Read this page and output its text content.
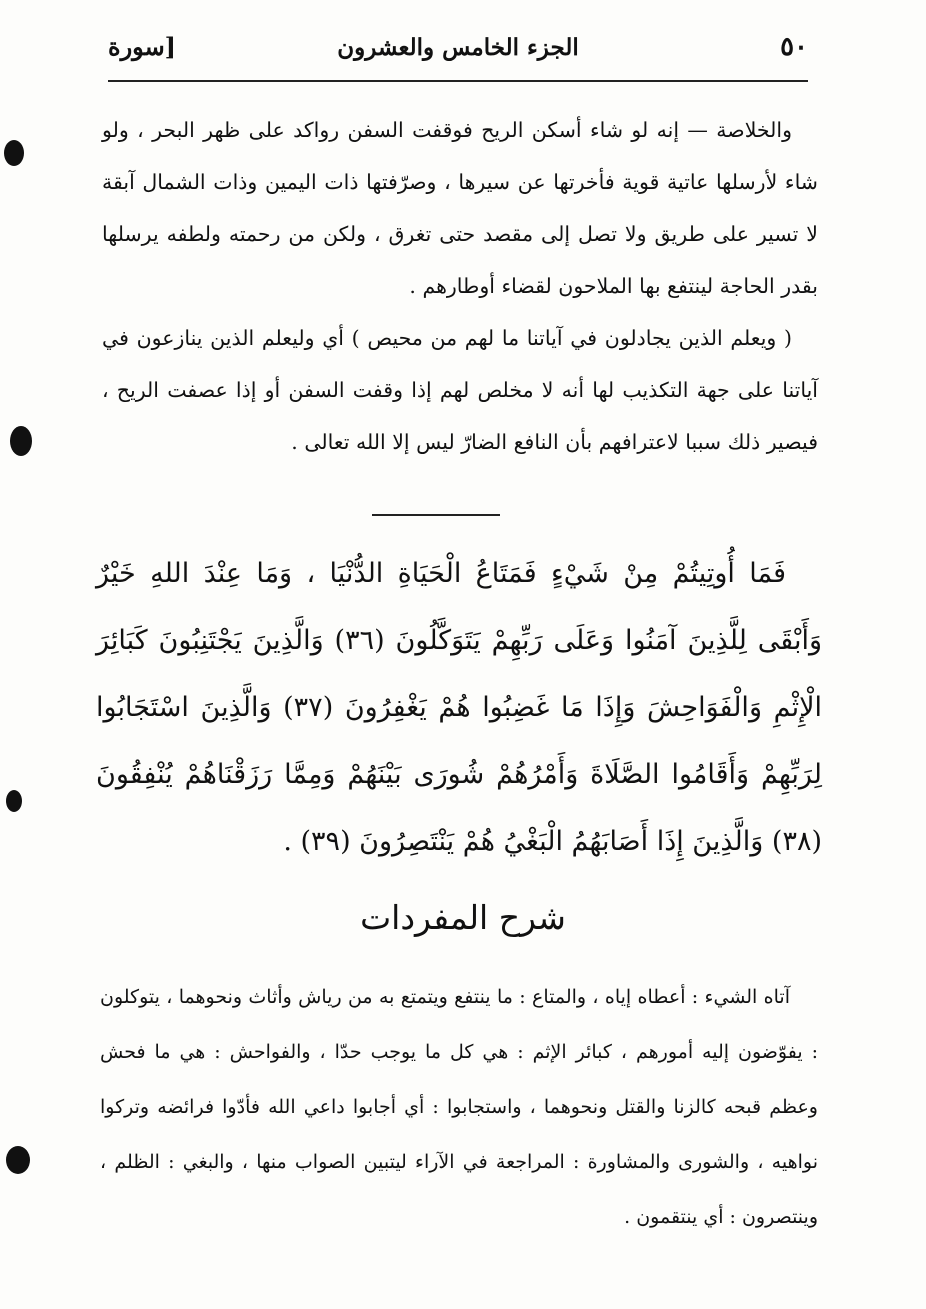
٥٠
الجزء الخامس والعشرون
[سورة

والخلاصة — إنه لو شاء أسكن الريح فوقفت السفن رواكد على ظهر البحر ، ولو شاء لأرسلها عاتية قوية فأخرتها عن سيرها ، وصرّفتها ذات اليمين وذات الشمال آبقة لا تسير على طريق ولا تصل إلى مقصد حتى تغرق ، ولكن من رحمته ولطفه يرسلها بقدر الحاجة لينتفع بها الملاحون لقضاء أوطارهم .

( ويعلم الذين يجادلون في آياتنا ما لهم من محيص ) أي وليعلم الذين ينازعون في آياتنا على جهة التكذيب لها أنه لا مخلص لهم إذا وقفت السفن أو إذا عصفت الريح ، فيصير ذلك سببا لاعترافهم بأن النافع الضارّ ليس إلا الله تعالى .

فَمَا أُوتِيتُمْ مِنْ شَيْءٍ فَمَتَاعُ الْحَيَاةِ الدُّنْيَا ، وَمَا عِنْدَ اللهِ خَيْرٌ وَأَبْقَى لِلَّذِينَ آمَنُوا وَعَلَى رَبِّهِمْ يَتَوَكَّلُونَ (٣٦) وَالَّذِينَ يَجْتَنِبُونَ كَبَائِرَ الْإِثْمِ وَالْفَوَاحِشَ وَإِذَا مَا غَضِبُوا هُمْ يَغْفِرُونَ (٣٧) وَالَّذِينَ اسْتَجَابُوا لِرَبِّهِمْ وَأَقَامُوا الصَّلَاةَ وَأَمْرُهُمْ شُورَى بَيْنَهُمْ وَمِمَّا رَزَقْنَاهُمْ يُنْفِقُونَ (٣٨) وَالَّذِينَ إِذَا أَصَابَهُمُ الْبَغْيُ هُمْ يَنْتَصِرُونَ (٣٩) .
شرح المفردات
آتاه الشيء : أعطاه إياه ، والمتاع : ما ينتفع ويتمتع به من رياش وأثاث ونحوهما ، يتوكلون : يفوّضون إليه أمورهم ، كبائر الإثم : هي كل ما يوجب حدّا ، والفواحش : هي ما فحش وعظم قبحه كالزنا والقتل ونحوهما ، واستجابوا : أي أجابوا داعي الله فأدّوا فرائضه وتركوا نواهيه ، والشورى والمشاورة : المراجعة في الآراء ليتبين الصواب منها ، والبغي : الظلم ، وينتصرون : أي ينتقمون .
